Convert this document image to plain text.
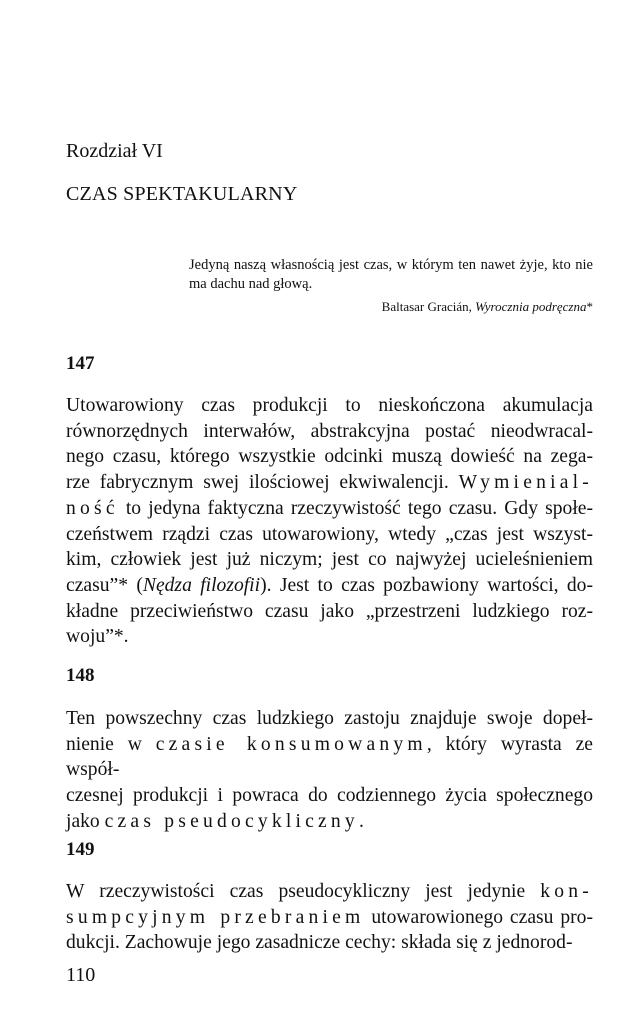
Rozdział VI
CZAS SPEKTAKULARNY

Jedyną naszą własnością jest czas, w którym ten nawet żyje, kto nie ma dachu nad głową.

Baltasar Gracián, Wyrocznia podręczna*

147
Utowarowiony czas produkcji to nieskończona akumulacja
równorzędnych interwałów, abstrakcyjna postać nieodwracal-
nego czasu, którego wszystkie odcinki muszą dowieść na zega-
rze fabrycznym swej ilościowej ekwiwalencji. Wymienial-
ność to jedyna faktyczna rzeczywistość tego czasu. Gdy społe-
czeństwem rządzi czas utowarowiony, wtedy „czas jest wszyst-
kim, człowiek jest już niczym; jest co najwyżej ucieleśnieniem
czasu”* (Nędza filozofii). Jest to czas pozbawiony wartości, do-
kładne przeciwieństwo czasu jako „przestrzeni ludzkiego roz-
woju”*.
148
Ten powszechny czas ludzkiego zastoju znajduje swoje dopeł-
nienie w czasie konsumowanym, który wyrasta ze współ-
czesnej produkcji i powraca do codziennego życia społecznego
jako czas pseudocykliczny.
149
W rzeczywistości czas pseudocykliczny jest jedynie kon-
sumpcyjnym przebraniem utowarowionego czasu pro-
dukcji. Zachowuje jego zasadnicze cechy: składa się z jednorod-

110
